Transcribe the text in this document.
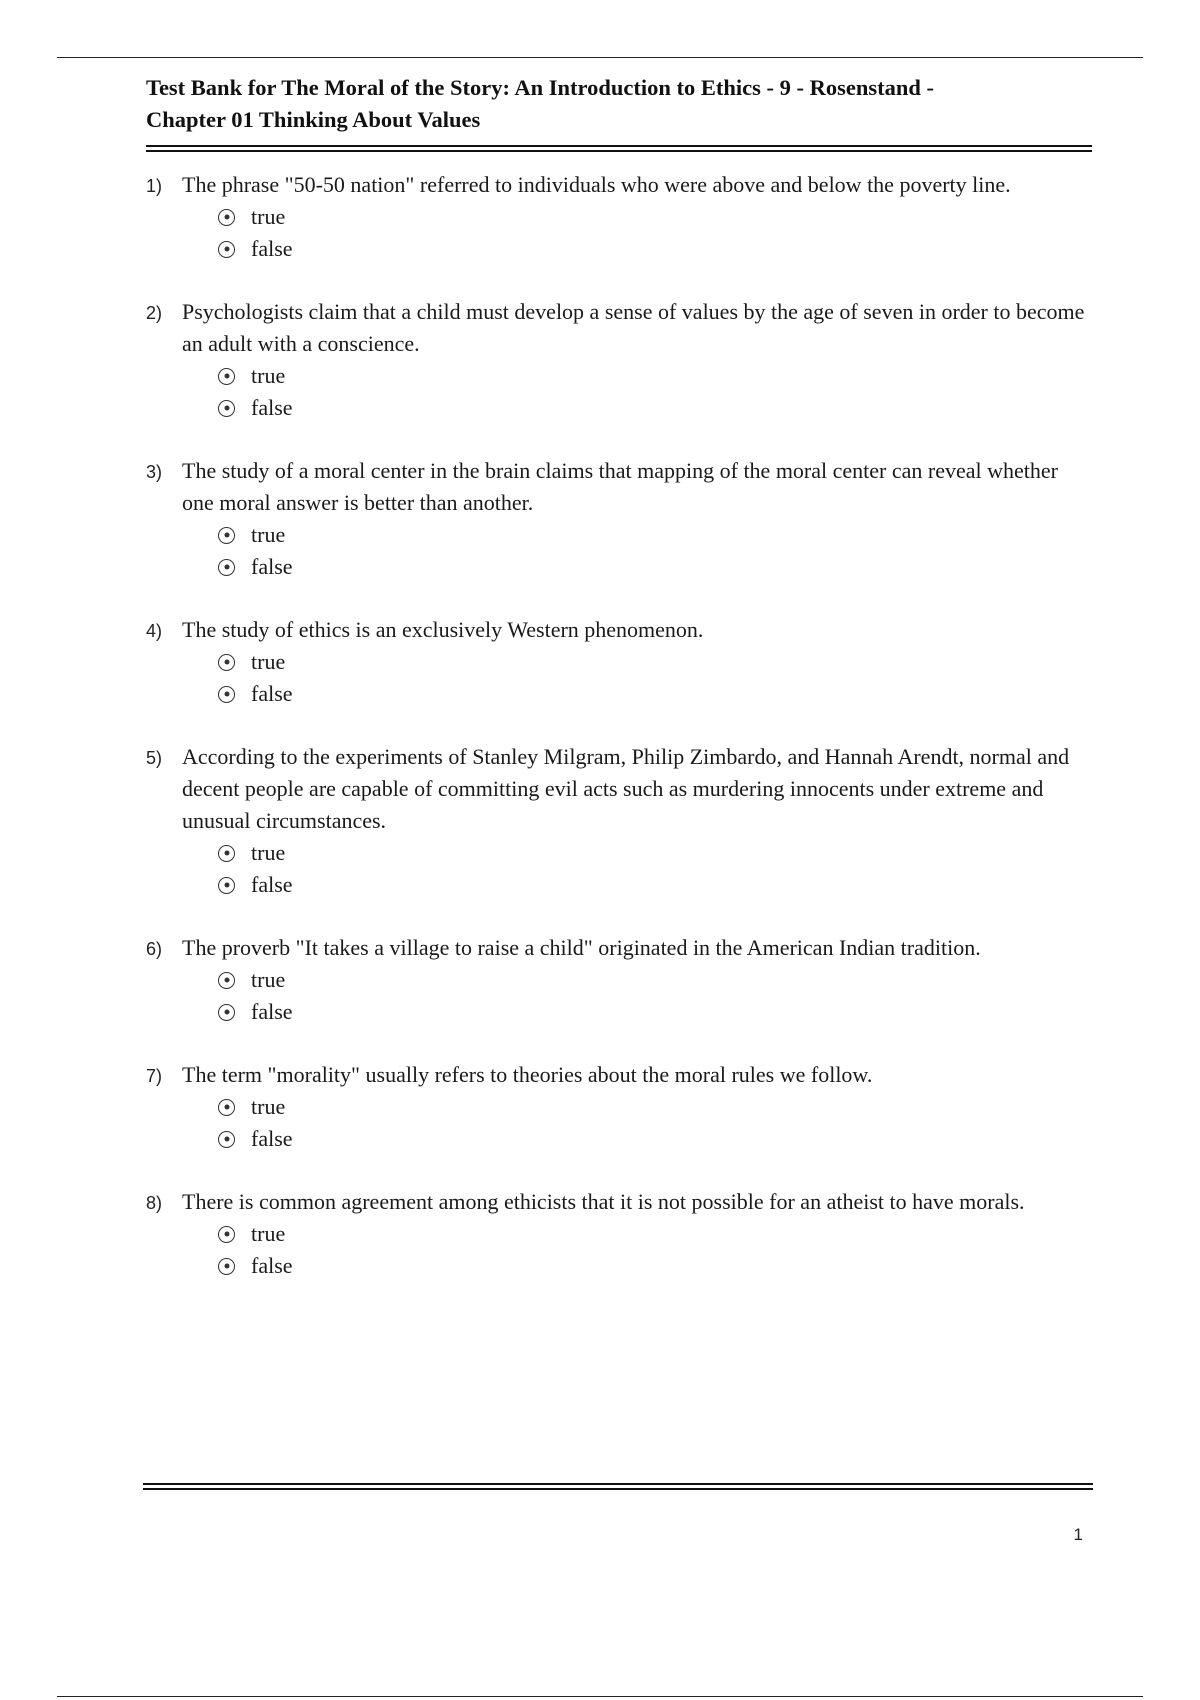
Test Bank for The Moral of the Story: An Introduction to Ethics - 9 - Rosenstand -
Chapter 01 Thinking About Values
1) The phrase "50-50 nation" referred to individuals who were above and below the poverty line.

true
false
2) Psychologists claim that a child must develop a sense of values by the age of seven in order to become an adult with a conscience.

true
false
3) The study of a moral center in the brain claims that mapping of the moral center can reveal whether one moral answer is better than another.

true
false
4) The study of ethics is an exclusively Western phenomenon.

true
false
5) According to the experiments of Stanley Milgram, Philip Zimbardo, and Hannah Arendt, normal and decent people are capable of committing evil acts such as murdering innocents under extreme and unusual circumstances.

true
false
6) The proverb "It takes a village to raise a child" originated in the American Indian tradition.

true
false
7) The term "morality" usually refers to theories about the moral rules we follow.

true
false
8) There is common agreement among ethicists that it is not possible for an atheist to have morals.

true
false
1
